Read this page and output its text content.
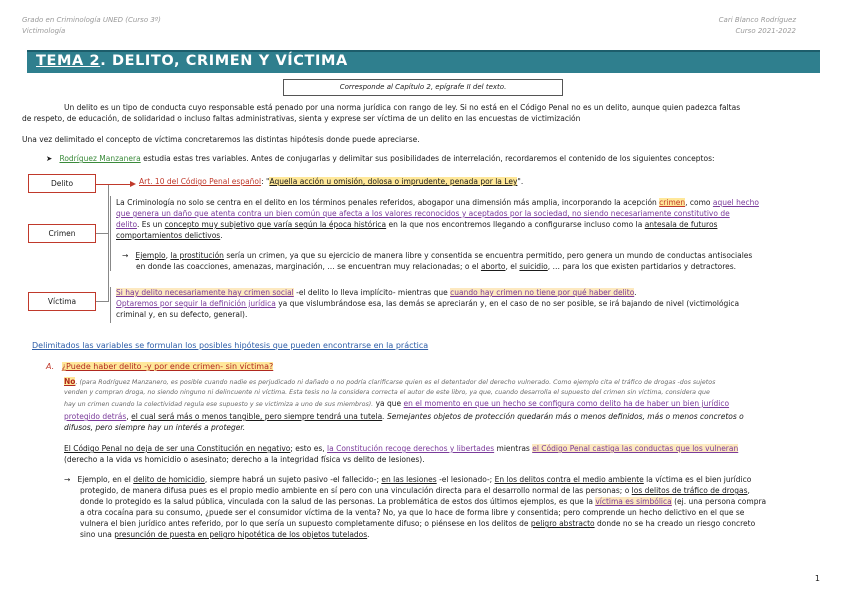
Grado en Criminología UNED (Curso 3º)
Victimología
Cari Blanco Rodríguez
Curso 2021-2022
TEMA 2. DELITO, CRIMEN Y VÍCTIMA
Corresponde al Capítulo 2, epígrafe II del texto.
Un delito es un tipo de conducta cuyo responsable está penado por una norma jurídica con rango de ley. Si no está en el Código Penal no es un delito, aunque quien padezca faltas
de respeto, de educación, de solidaridad o incluso faltas administrativas, sienta y exprese ser víctima de un delito en las encuestas de victimización
Una vez delimitado el concepto de víctima concretaremos las distintas hipótesis donde puede apreciarse.
➤ Rodríguez Manzanera estudia estas tres variables. Antes de conjugarlas y delimitar sus posibilidades de interrelación, recordaremos el contenido de los siguientes conceptos:
Delito	Art. 10 del Código Penal español: "Aquella acción u omisión, dolosa o imprudente, penada por la Ley".
Crimen
La Criminología no solo se centra en el delito en los términos penales referidos, abogapor una dimensión más amplia, incorporando la acepción crimen, como aquel hecho
que genera un daño que atenta contra un bien común que afecta a los valores reconocidos y aceptados por la sociedad, no siendo necesariamente constitutivo de
delito. Es un concepto muy subjetivo que varía según la época histórica en la que nos encontremos llegando a configurarse incluso como la antesala de futuros
comportamientos delictivos.
→ Ejemplo, la prostitución sería un crimen, ya que su ejercicio de manera libre y consentida se encuentra permitido, pero genera un mundo de conductas antisociales
en donde las coacciones, amenazas, marginación, … se encuentran muy relacionadas; o el aborto, el suicidio, … para los que existen partidarios y detractores.
Víctima
Si hay delito necesariamente hay crimen social -el delito lo lleva implícito- mientras que cuando hay crimen no tiene por qué haber delito.
Optaremos por seguir la definición jurídica ya que vislumbrándose esa, las demás se apreciarán y, en el caso de no ser posible, se irá bajando de nivel (victimológica
criminal y, en su defecto, general).
Delimitados las variables se formulan los posibles hipótesis que pueden encontrarse en la práctica
A. ¿Puede haber delito -y por ende crimen- sin víctima?
No, (para Rodríguez Manzanero, es posible cuando nadie es perjudicado ni dañado o no podría clarificarse quien es el detentador del derecho vulnerado. Como ejemplo cita el tráfico de drogas -dos sujetos
venden y compran droga, no siendo ninguno ni delincuente ni víctima. Esta tesis no la considera correcta el autor de este libro, ya que, cuando desarrolla el supuesto del crimen sin víctima, considera que
hay un crimen cuando la colectividad regula ese supuesto y se victimiza a uno de sus miembros). ya que en el momento en que un hecho se configura como delito ha de haber un bien jurídico
protegido detrás, el cual será más o menos tangible, pero siempre tendrá una tutela. Semejantes objetos de protección quedarán más o menos definidos, más o menos concretos o
difusos, pero siempre hay un interés a proteger.
El Código Penal no deja de ser una Constitución en negativo; esto es, la Constitución recoge derechos y libertades mientras el Código Penal castiga las conductas que los vulneran
(derecho a la vida vs homicidio o asesinato; derecho a la integridad física vs delito de lesiones).
→ Ejemplo, en el delito de homicidio, siempre habrá un sujeto pasivo -el fallecido-; en las lesiones -el lesionado-; En los delitos contra el medio ambiente la víctima es el bien jurídico
protegido, de manera difusa pues es el propio medio ambiente en sí pero con una vinculación directa para el desarrollo normal de las personas; o los delitos de tráfico de drogas,
donde lo protegido es la salud pública, vinculada con la salud de las personas. La problemática de estos dos últimos ejemplos, es que la víctima es simbólica (ej. una persona compra
a otra cocaína para su consumo, ¿puede ser el consumidor víctima de la venta? No, ya que lo hace de forma libre y consentida; pero comprende un hecho delictivo en el que se
vulnera el bien jurídico antes referido, por lo que sería un supuesto completamente difuso; o piénsese en los delitos de peligro abstracto donde no se ha creado un riesgo concreto
sino una presunción de puesta en peligro hipotética de los objetos tutelados.
1
